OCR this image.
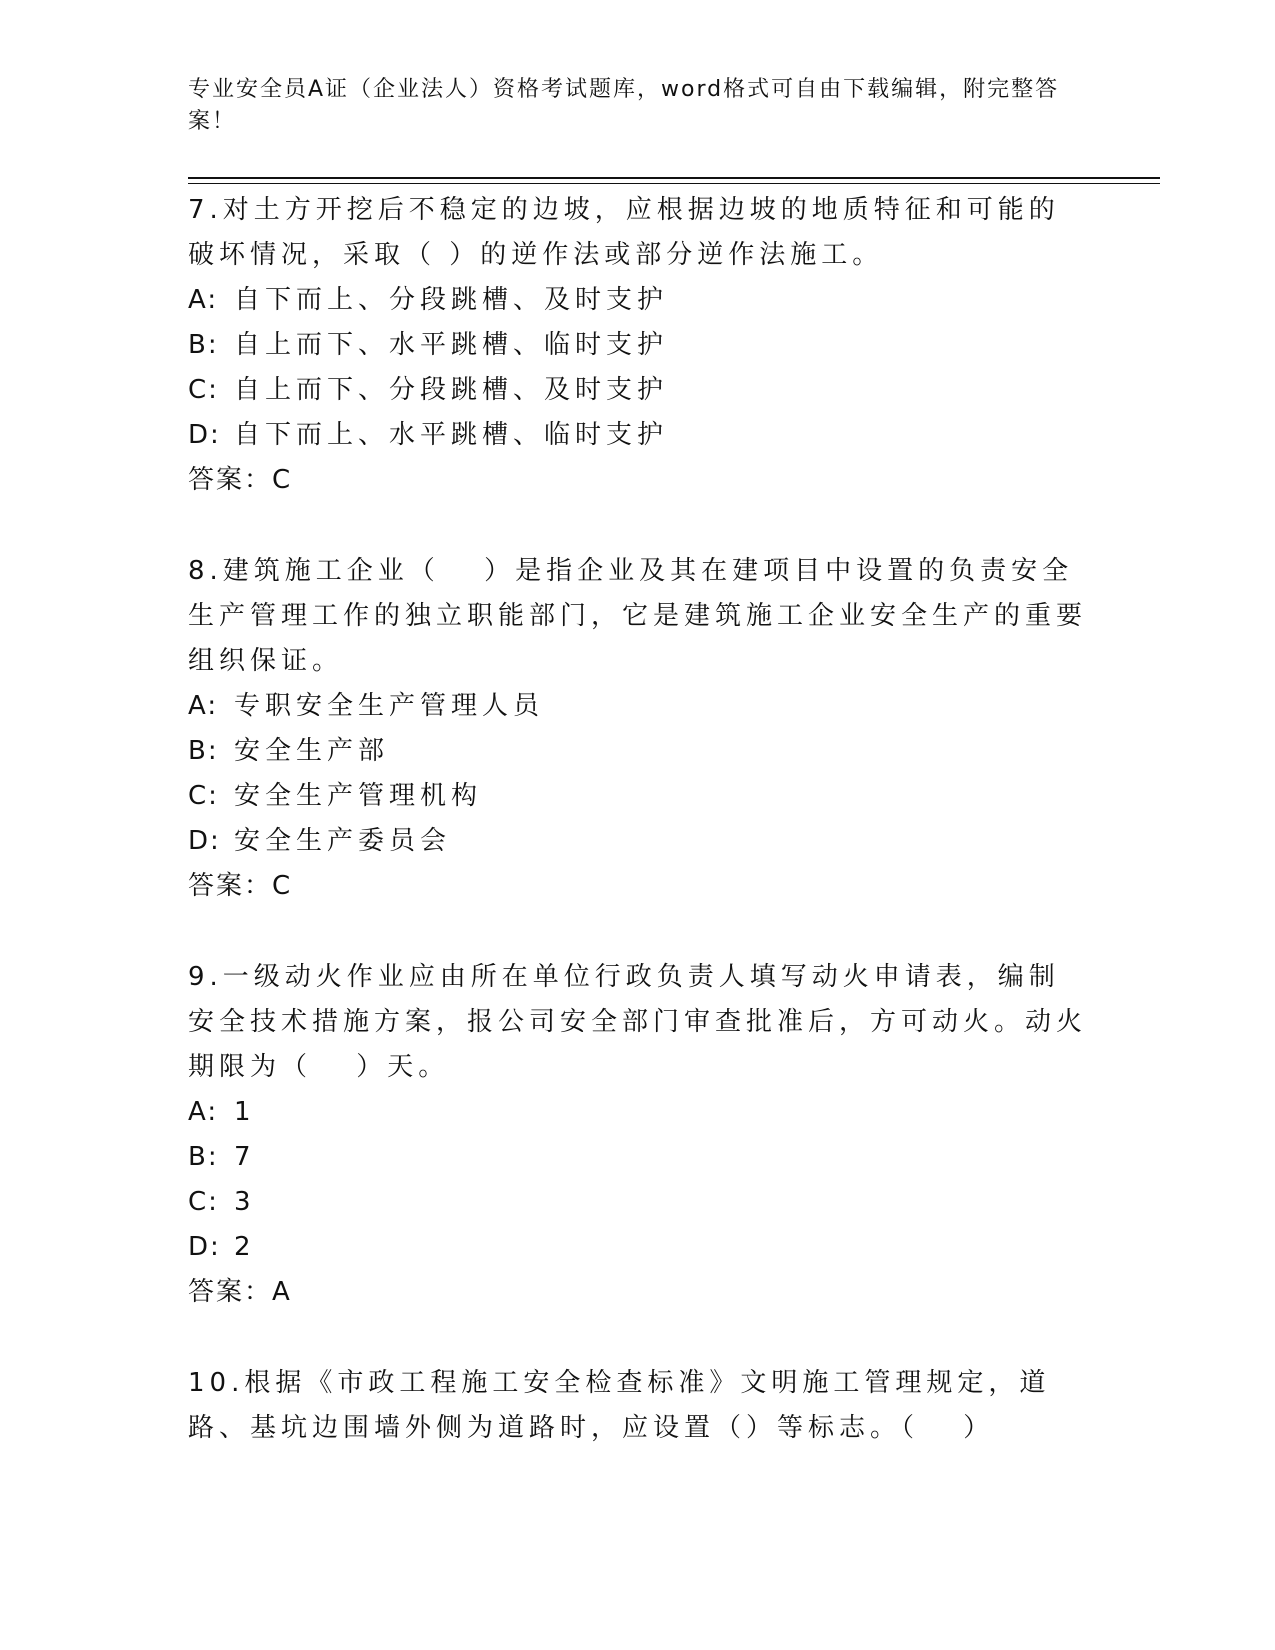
专业安全员A证（企业法人）资格考试题库，word格式可自由下载编辑，附完整答案！
7.对土方开挖后不稳定的边坡，应根据边坡的地质特征和可能的破坏情况，采取（ ）的逆作法或部分逆作法施工。
A: 自下而上、分段跳槽、及时支护
B: 自上而下、水平跳槽、临时支护
C: 自上而下、分段跳槽、及时支护
D: 自下而上、水平跳槽、临时支护
答案：C
8.建筑施工企业（　 ）是指企业及其在建项目中设置的负责安全生产管理工作的独立职能部门，它是建筑施工企业安全生产的重要组织保证。
A: 专职安全生产管理人员
B: 安全生产部
C: 安全生产管理机构
D: 安全生产委员会
答案：C
9.一级动火作业应由所在单位行政负责人填写动火申请表，编制安全技术措施方案，报公司安全部门审查批准后，方可动火。动火期限为（　 ）天。
A: 1
B: 7
C: 3
D: 2
答案：A
10.根据《市政工程施工安全检查标准》文明施工管理规定，道路、基坑边围墙外侧为道路时，应设置（）等标志。（　 ）
